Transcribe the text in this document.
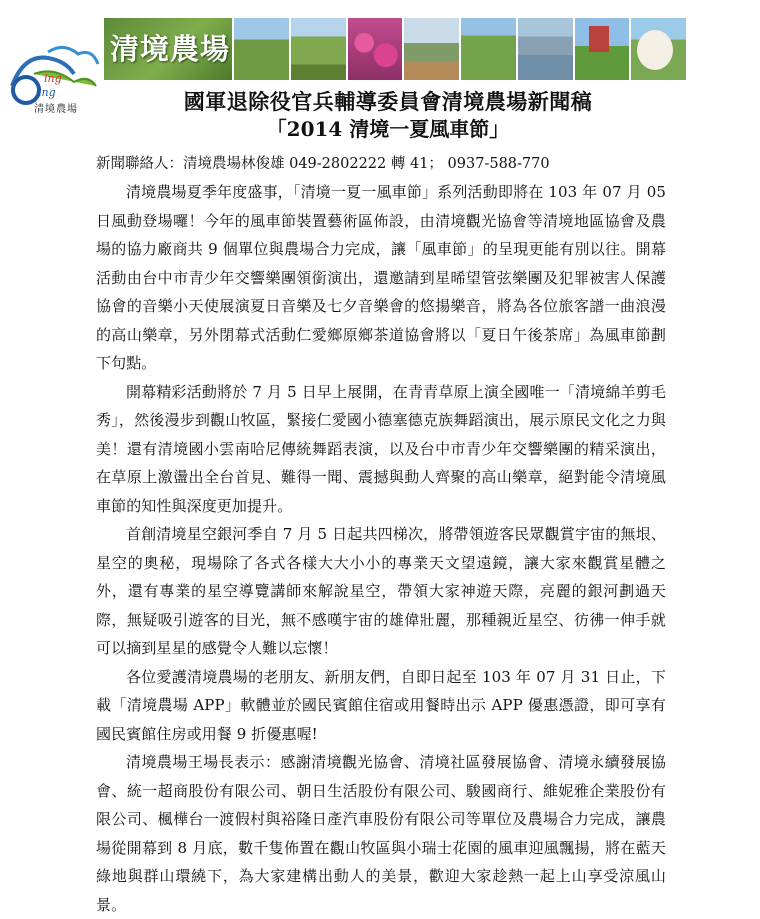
ing
ing
清境農場
清境農場
國軍退除役官兵輔導委員會清境農場新聞稿
「2014 清境一夏風車節」

新聞聯絡人：清境農場林俊雄 049-2802222 轉 41； 0937-588-770

清境農場夏季年度盛事，「清境一夏一風車節」系列活動即將在 103 年 07 月 05 日風動登場囉！今年的風車節裝置藝術區佈設，由清境觀光協會等清境地區協會及農場的協力廠商共 9 個單位與農場合力完成，讓「風車節」的呈現更能有別以往。開幕活動由台中市青少年交響樂團領銜演出，還邀請到星晞望管弦樂團及犯罪被害人保護協會的音樂小天使展演夏日音樂及七夕音樂會的悠揚樂音，將為各位旅客譜一曲浪漫的高山樂章，另外閉幕式活動仁愛鄉原鄉茶道協會將以「夏日午後茶席」為風車節劃下句點。

開幕精彩活動將於 7 月 5 日早上展開，在青青草原上演全國唯一「清境綿羊剪毛秀」，然後漫步到觀山牧區，緊接仁愛國小德塞德克族舞蹈演出，展示原民文化之力與美！還有清境國小雲南哈尼傳統舞蹈表演，以及台中市青少年交響樂團的精采演出，在草原上激盪出全台首見、難得一聞、震撼與動人齊聚的高山樂章，絕對能令清境風車節的知性與深度更加提升。

首創清境星空銀河季自 7 月 5 日起共四梯次，將帶領遊客民眾觀賞宇宙的無垠、星空的奧秘，現場除了各式各樣大大小小的專業天文望遠鏡，讓大家來觀賞星體之外，還有專業的星空導覽講師來解說星空，帶領大家神遊天際，亮麗的銀河劃過天際，無疑吸引遊客的目光，無不感嘆宇宙的雄偉壯麗，那種親近星空、彷彿一伸手就可以摘到星星的感覺令人難以忘懷！

各位愛護清境農場的老朋友、新朋友們，自即日起至 103 年 07 月 31 日止，下載「清境農場 APP」軟體並於國民賓館住宿或用餐時出示 APP 優惠憑證，即可享有國民賓館住房或用餐 9 折優惠喔!

清境農場王場長表示：感謝清境觀光協會、清境社區發展協會、清境永續發展協會、統一超商股份有限公司、朝日生活股份有限公司、駿國商行、維妮雅企業股份有限公司、楓樺台一渡假村與裕隆日產汽車股份有限公司等單位及農場合力完成，讓農場從開幕到 8 月底，數千隻佈置在觀山牧區與小瑞士花園的風車迎風飄揚，將在藍天綠地與群山環繞下，為大家建構出動人的美景，歡迎大家趁熱一起上山享受涼風山景。
